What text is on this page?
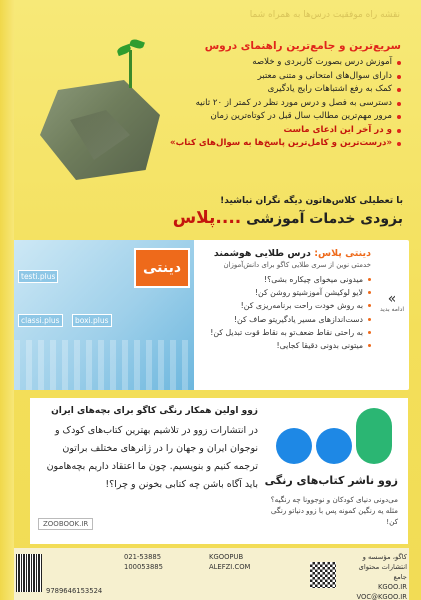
نقشه راه موفقیت درس‌ها به همراه شما
سریع‌ترین و جامع‌ترین راهنمای دروس
آموزش درس بصورت کاربردی و خلاصه
دارای سوال‌های امتحانی و متنی معتبر
کمک به رفع اشتباهات رایج یادگیری
دسترسی به فصل و درس مورد نظر در کمتر از ۲۰ ثانیه
مرور مهم‌ترین مطالب سال قبل در کوتاه‌ترین زمان
و در آخر این ادعای ماست
«درست‌ترین و کامل‌ترین پاسخ‌ها به سوال‌های کتاب»
با تعطیلی کلاس‌هاتون دیگه نگران نباشید!
بزودی خدمات آموزشی ....پلاس
testi.plus
classi.plus	boxi.plus
دینتی
دینتی پلاس: درس طلایی هوشمند
خدمتی نوین از سری طلایی کاگو برای دانش‌آموزان
میدونی میخوای چیکاره بشی؟!
لایو لوکیشن آموزشیتو روشن کن!
به روش خودت راحت برنامه‌ریزی کن!
دست‌اندازهای مسیر یادگیریتو صاف کن!
به راحتی نقاط ضعف‌تو به نقاط قوت تبدیل کن!
میتونی بدونی دقیقا کجایی!
»
ادامه بدید
زوو ناشر کتاب‌های رنگی
می‌دونی دنیای کودکان و نوجوونا چه رنگیه؟ مثله یه رنگین کمونه پس با زوو دنیاتو رنگی کن!
زوو اولین همکار رنگی کاگو برای بچه‌های ایران
در انتشارات زوو در تلاشیم بهترین کتاب‌های کودک و نوجوان ایران و جهان را در ژانرهای مختلف براتون ترجمه کنیم و بنویسیم. چون ما اعتقاد داریم بچه‌هامون باید آگاه باشن چه کتابی بخونن و چرا؟!
ZOOBOOK.IR
9789646153524
021-53885
100053885
KGOOPUB
ALEFZI.COM
کاگو، مؤسسه و انتشارات محتوای جامع
KGOO.IR
VOC@KGOO.IR
